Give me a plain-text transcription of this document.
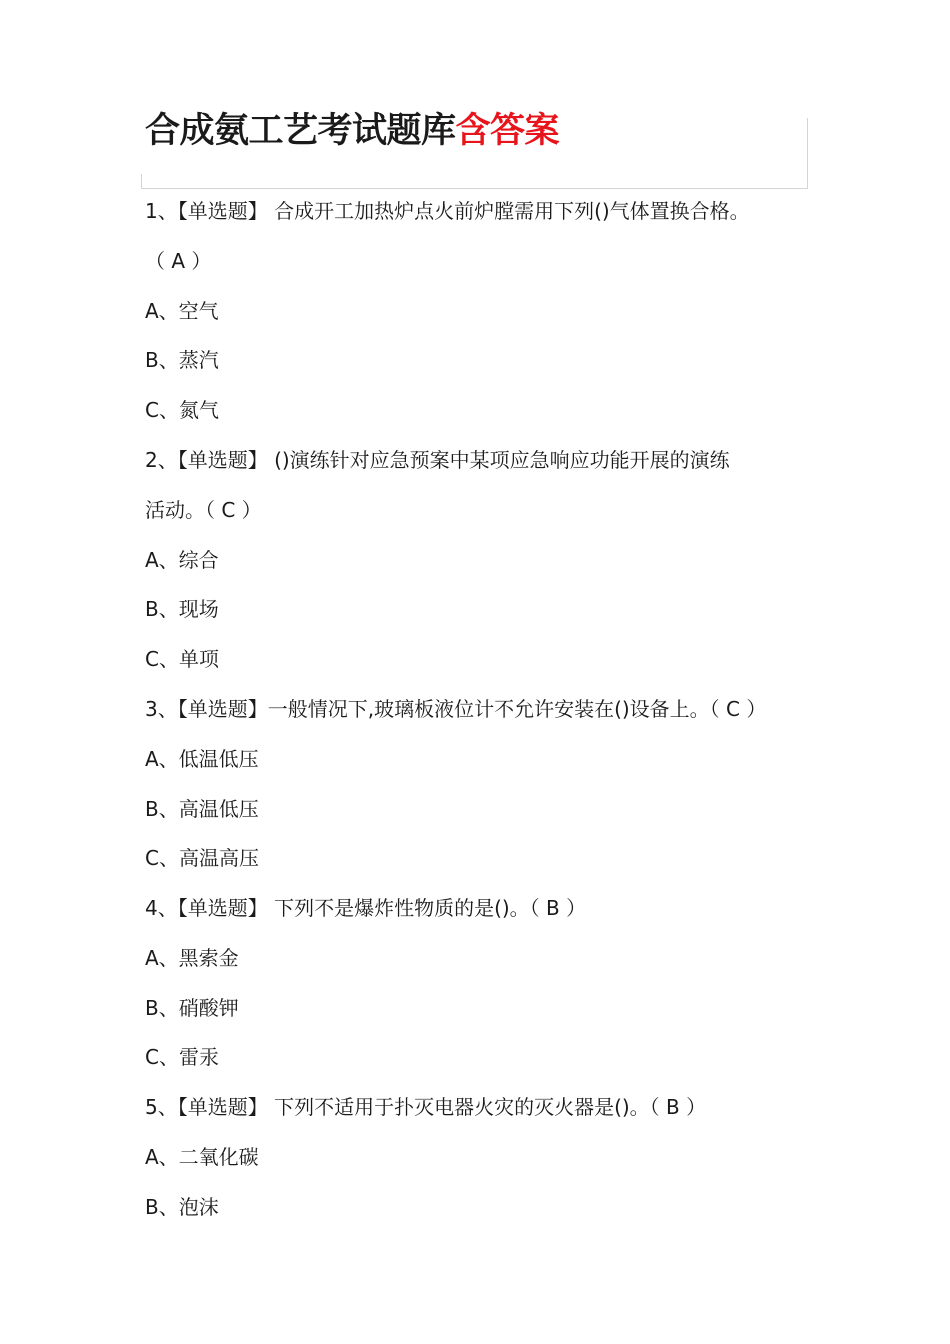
合成氨工艺考试题库含答案
1、【单选题】 合成开工加热炉点火前炉膛需用下列()气体置换合格。
（ A ）
A、空气
B、蒸汽
C、氮气
2、【单选题】 ()演练针对应急预案中某项应急响应功能开展的演练
活动。（ C ）
A、综合
B、现场
C、单项
3、【单选题】一般情况下,玻璃板液位计不允许安装在()设备上。（ C ）
A、低温低压
B、高温低压
C、高温高压
4、【单选题】 下列不是爆炸性物质的是()。（ B ）
A、黑索金
B、硝酸钾
C、雷汞
5、【单选题】 下列不适用于扑灭电器火灾的灭火器是()。（ B ）
A、二氧化碳
B、泡沫
